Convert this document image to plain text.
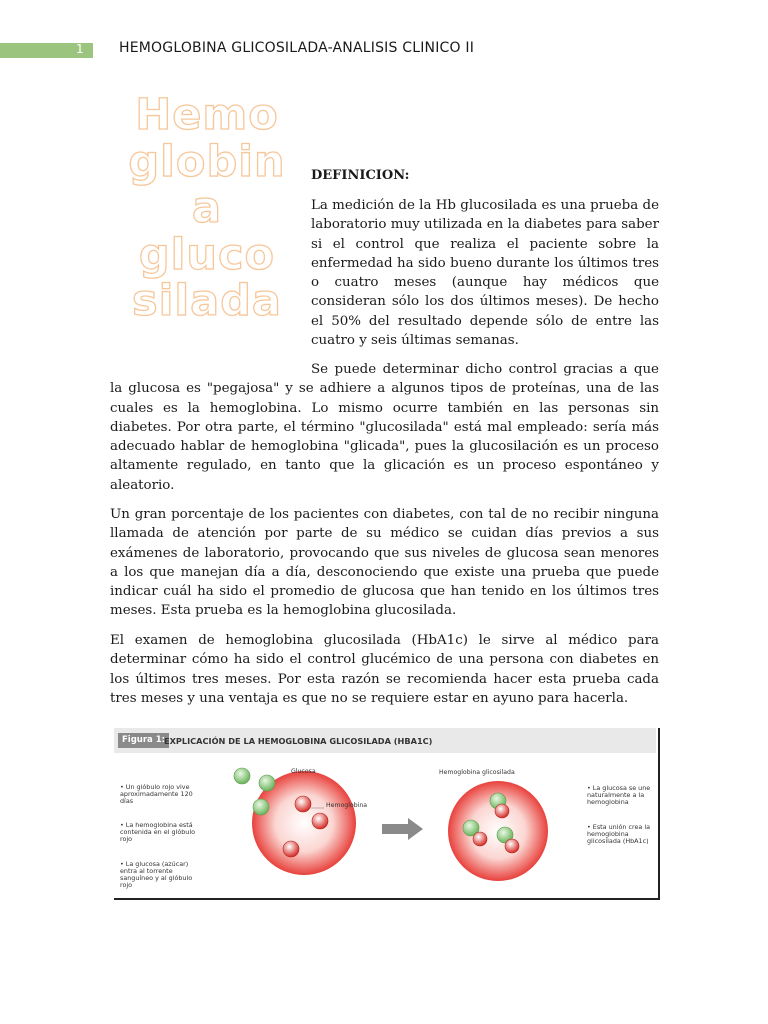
1	HEMOGLOBINA GLICOSILADA-ANALISIS CLINICO II
Hemo
globin
a
gluco
silada
DEFINICION:
La medición de la Hb glucosilada es una prueba de laboratorio muy utilizada en la diabetes para saber si el control que realiza el paciente sobre la enfermedad ha sido bueno durante los últimos tres o cuatro meses (aunque hay médicos que consideran sólo los dos últimos meses). De hecho el 50% del resultado depende sólo de entre las cuatro y seis últimas semanas.
Se puede determinar dicho control gracias a que la glucosa es "pegajosa" y se adhiere a algunos tipos de proteínas, una de las cuales es la hemoglobina. Lo mismo ocurre también en las personas sin diabetes. Por otra parte, el término "glucosilada" está mal empleado: sería más adecuado hablar de hemoglobina "glicada", pues la glucosilación es un proceso altamente regulado, en tanto que la glicación es un proceso espontáneo y aleatorio.
Un gran porcentaje de los pacientes con diabetes, con tal de no recibir ninguna llamada de atención por parte de su médico se cuidan días previos a sus exámenes de laboratorio, provocando que sus niveles de glucosa sean menores a los que manejan día a día, desconociendo que existe una prueba que puede indicar cuál ha sido el promedio de glucosa que han tenido en los últimos tres meses. Esta prueba es la hemoglobina glucosilada.
El examen de hemoglobina glucosilada (HbA1c) le sirve al médico para determinar cómo ha sido el control glucémico de una persona con diabetes en los últimos tres meses. Por esta razón se recomienda hacer esta prueba cada tres meses y una ventaja es que no se requiere estar en ayuno para hacerla.
Figura 1:
EXPLICACIÓN DE LA HEMOGLOBINA GLICOSILADA (HBA1C)
• Un glóbulo rojo vive aproximadamente 120 días
• La hemoglobina está contenida en el glóbulo rojo
• La glucosa (azúcar) entra al torrente sanguíneo y al glóbulo rojo
Glucosa
Hemoglobina
Hemoglobina glicosilada
• La glucosa se une naturalmente a la hemoglobina
• Esta unión crea la hemoglobina glicosilada (HbA1c)
